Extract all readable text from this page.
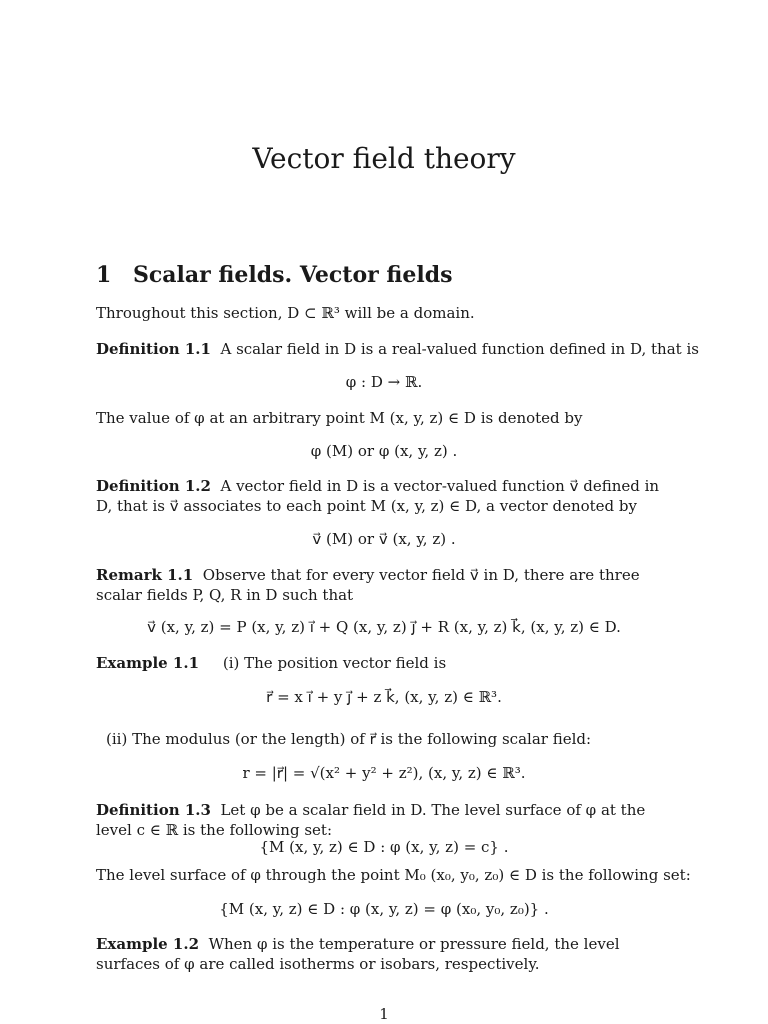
Vector field theory
1 Scalar fields. Vector fields
Throughout this section, D ⊂ ℝ³ will be a domain.
Definition 1.1 A scalar field in D is a real-valued function defined in D, that is
φ : D → ℝ.
The value of φ at an arbitrary point M (x, y, z) ∈ D is denoted by
φ (M) or φ (x, y, z) .
Definition 1.2 A vector field in D is a vector-valued function v⃗ defined in D, that is v⃗ associates to each point M (x, y, z) ∈ D, a vector denoted by
v⃗ (M) or v⃗ (x, y, z) .
Remark 1.1 Observe that for every vector field v⃗ in D, there are three scalar fields P, Q, R in D such that
v⃗ (x, y, z) = P (x, y, z) i⃗ + Q (x, y, z) j⃗ + R (x, y, z) k⃗, (x, y, z) ∈ D.
Example 1.1 (i) The position vector field is
r⃗ = x i⃗ + y j⃗ + z k⃗, (x, y, z) ∈ ℝ³.
(ii) The modulus (or the length) of r⃗ is the following scalar field:
r = |r⃗| = √(x² + y² + z²), (x, y, z) ∈ ℝ³.
Definition 1.3 Let φ be a scalar field in D. The level surface of φ at the level c ∈ ℝ is the following set:
{M (x, y, z) ∈ D : φ (x, y, z) = c} .
The level surface of φ through the point M₀ (x₀, y₀, z₀) ∈ D is the following set:
{M (x, y, z) ∈ D : φ (x, y, z) = φ (x₀, y₀, z₀)} .
Example 1.2 When φ is the temperature or pressure field, the level surfaces of φ are called isotherms or isobars, respectively.
1
